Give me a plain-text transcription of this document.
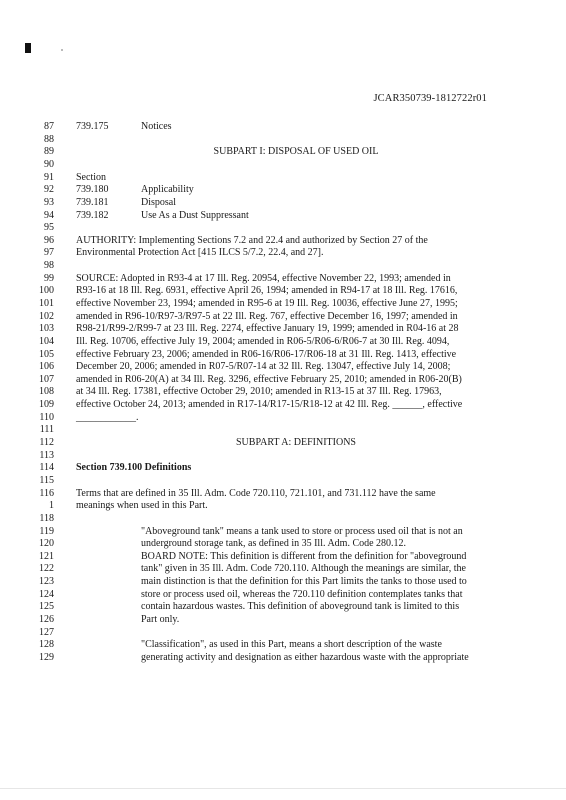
JCAR350739-1812722r01
87 739.175	Notices
88
89	SUBPART I: DISPOSAL OF USED OIL
90
91 Section
92 739.180	Applicability
93 739.181	Disposal
94 739.182	Use As a Dust Suppressant
95
96 AUTHORITY: Implementing Sections 7.2 and 22.4 and authorized by Section 27 of the
97 Environmental Protection Act [415 ILCS 5/7.2, 22.4, and 27].
98
99 SOURCE: Adopted in R93-4 at 17 Ill. Reg. 20954, effective November 22, 1993; amended in
100 R93-16 at 18 Ill. Reg. 6931, effective April 26, 1994; amended in R94-17 at 18 Ill. Reg. 17616,
101 effective November 23, 1994; amended in R95-6 at 19 Ill. Reg. 10036, effective June 27, 1995;
102 amended in R96-10/R97-3/R97-5 at 22 Ill. Reg. 767, effective December 16, 1997; amended in
103 R98-21/R99-2/R99-7 at 23 Ill. Reg. 2274, effective January 19, 1999; amended in R04-16 at 28
104 Ill. Reg. 10706, effective July 19, 2004; amended in R06-5/R06-6/R06-7 at 30 Ill. Reg. 4094,
105 effective February 23, 2006; amended in R06-16/R06-17/R06-18 at 31 Ill. Reg. 1413, effective
106 December 20, 2006; amended in R07-5/R07-14 at 32 Ill. Reg. 13047, effective July 14, 2008;
107 amended in R06-20(A) at 34 Ill. Reg. 3296, effective February 25, 2010; amended in R06-20(B)
108 at 34 Ill. Reg. 17381, effective October 29, 2010; amended in R13-15 at 37 Ill. Reg. 17963,
109 effective October 24, 2013; amended in R17-14/R17-15/R18-12 at 42 Ill. Reg. ______, effective
110 ____________.
111
112	SUBPART A: DEFINITIONS
113
114 Section 739.100 Definitions
115
116 Terms that are defined in 35 Ill. Adm. Code 720.110, 721.101, and 731.112 have the same
1 meanings when used in this Part.
118
119	"Aboveground tank" means a tank used to store or process used oil that is not an
120	underground storage tank, as defined in 35 Ill. Adm. Code 280.12.
121	BOARD NOTE: This definition is different from the definition for "aboveground
122	tank" given in 35 Ill. Adm. Code 720.110. Although the meanings are similar, the
123	main distinction is that the definition for this Part limits the tanks to those used to
124	store or process used oil, whereas the 720.110 definition contemplates tanks that
125	contain hazardous wastes. This definition of aboveground tank is limited to this
126	Part only.
127
128	"Classification", as used in this Part, means a short description of the waste
129	generating activity and designation as either hazardous waste with the appropriate
